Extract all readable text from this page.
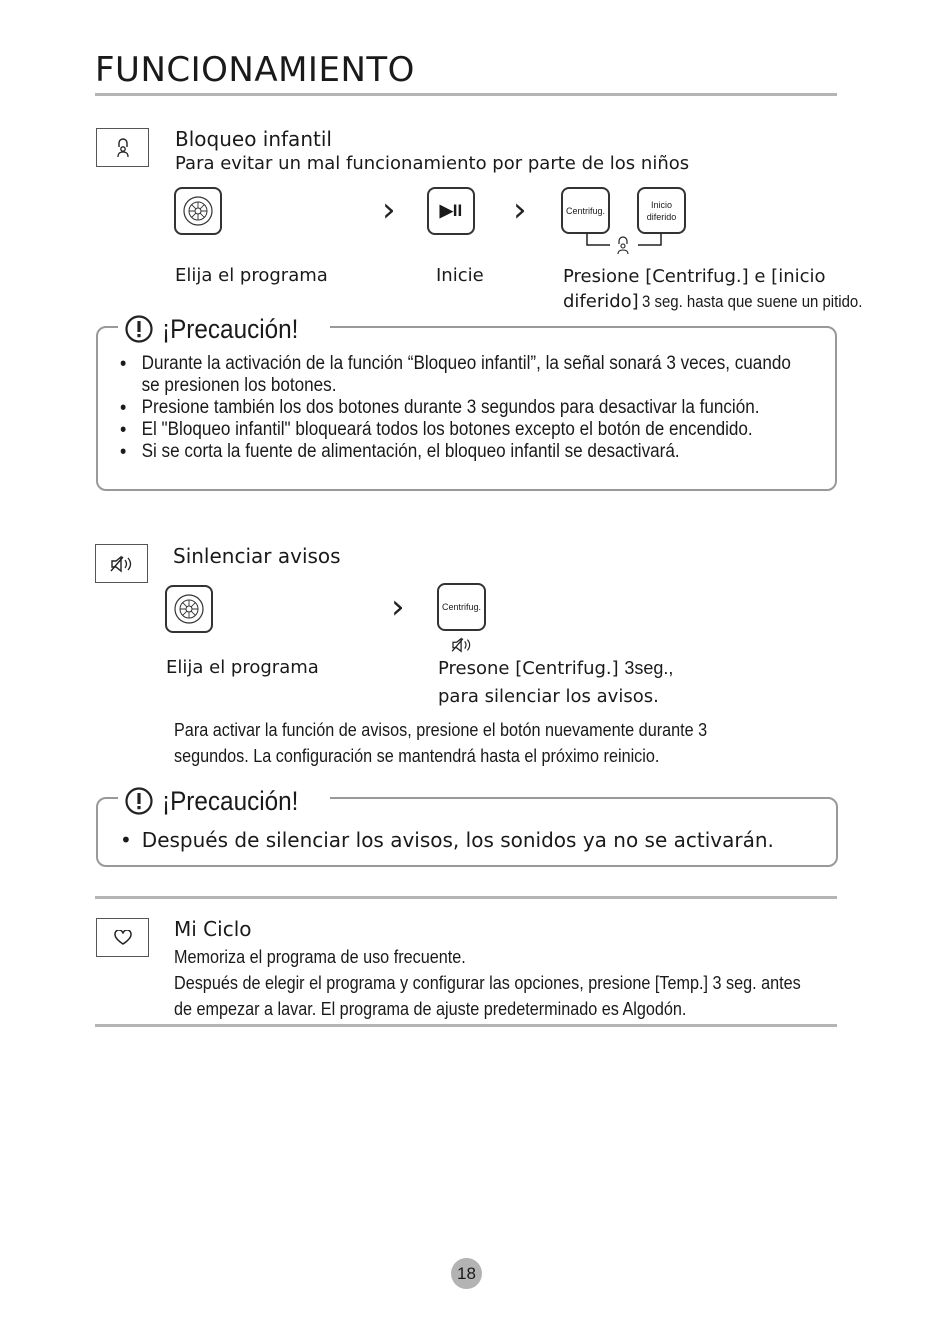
FUNCIONAMIENTO
Bloqueo infantil
Para evitar un mal funcionamiento por parte de los niños
›	▶II ›	Centrifug.
Inicio
diferido
Elija el programa	Inicie	Presione [Centrifug.] e [inicio
diferido] 3 seg. hasta que suene un pitido.
¡Precaución!
• Durante la activación de la función “Bloqueo infantil”, la señal sonará 3 veces, cuando
se presionen los botones.
• Presione también los dos botones durante 3 segundos para desactivar la función.
• El "Bloqueo infantil" bloqueará todos los botones excepto el botón de encendido.
• Si se corta la fuente de alimentación, el bloqueo infantil se desactivará.
Sinlenciar avisos
›	Centrifug.
Elija el programa	Presone [Centrifug.] 3seg.,
para silenciar los avisos.
Para activar la función de avisos, presione el botón nuevamente durante 3
segundos. La configuración se mantendrá hasta el próximo reinicio.
¡Precaución!
• Después de silenciar los avisos, los sonidos ya no se activarán.
Mi Ciclo
Memoriza el programa de uso frecuente.
Después de elegir el programa y configurar las opciones, presione [Temp.] 3 seg. antes
de empezar a lavar. El programa de ajuste predeterminado es Algodón.
18
